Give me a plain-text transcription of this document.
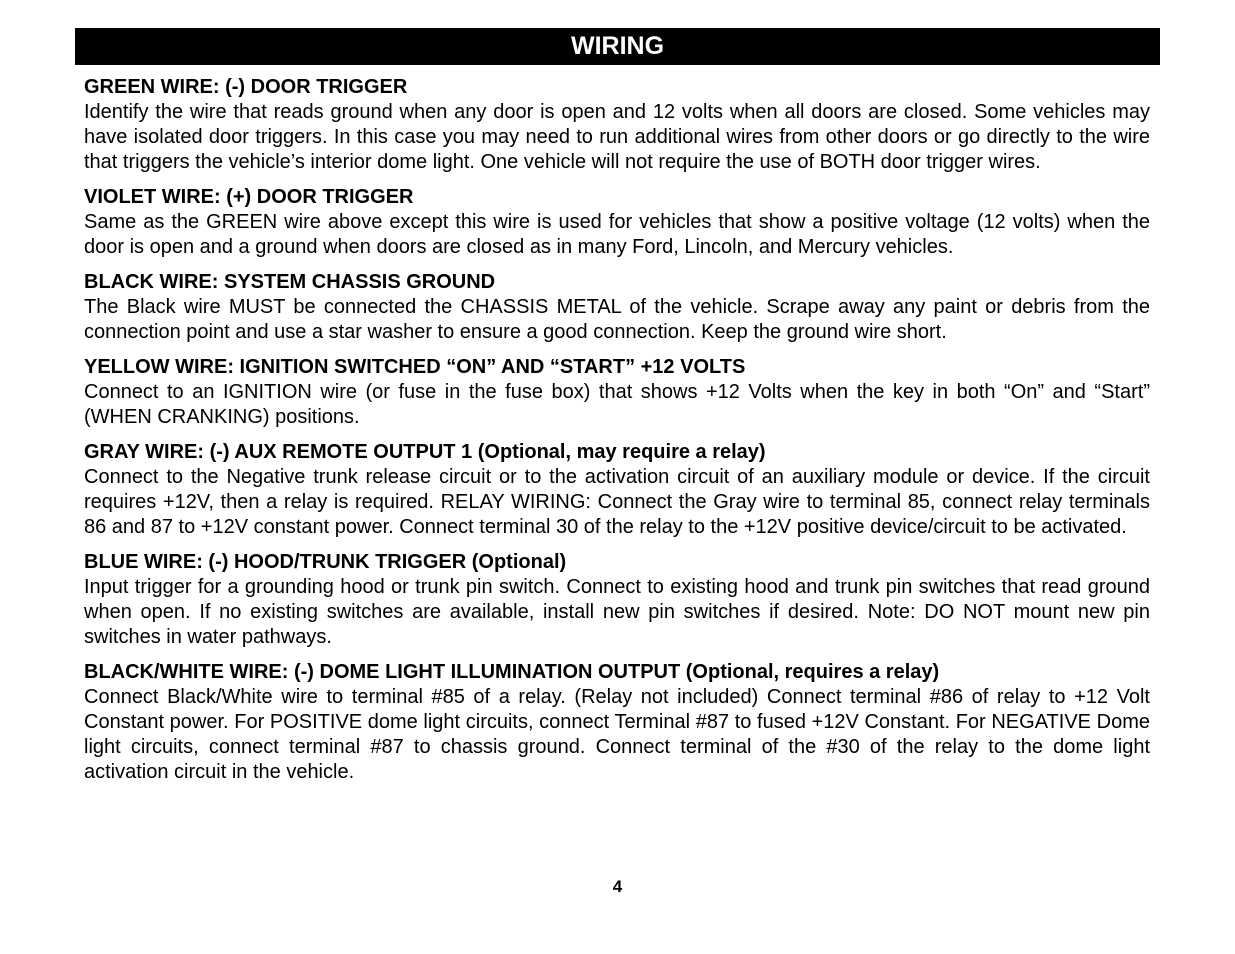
WIRING
GREEN WIRE: (-) DOOR TRIGGER
Identify the wire that reads ground when any door is open and 12 volts when all doors are closed. Some vehicles may have isolated door triggers. In this case you may need to run additional wires from other doors or go directly to the wire that triggers the vehicle’s interior dome light. One vehicle will not require the use of BOTH door trigger wires.
VIOLET WIRE: (+) DOOR TRIGGER
Same as the GREEN wire above except this wire is used for vehicles that show a positive voltage (12 volts) when the door is open and a ground when doors are closed as in many Ford, Lincoln, and Mercury vehicles.
BLACK WIRE: SYSTEM CHASSIS GROUND
The Black wire MUST be connected the CHASSIS METAL of the vehicle. Scrape away any paint or debris from the connection point and use a star washer to ensure a good connection. Keep the ground wire short.
YELLOW WIRE: IGNITION SWITCHED “ON” AND “START” +12 VOLTS
Connect to an IGNITION wire (or fuse in the fuse box) that shows +12 Volts when the key in both “On” and “Start” (WHEN CRANKING) positions.
GRAY WIRE: (-) AUX REMOTE OUTPUT 1 (Optional, may require a relay)
Connect to the Negative trunk release circuit or to the activation circuit of an auxiliary module or device. If the circuit requires +12V, then a relay is required. RELAY WIRING: Connect the Gray wire to terminal 85, connect relay terminals 86 and 87 to +12V constant power. Connect terminal 30 of the relay to the +12V positive device/circuit to be activated.
BLUE WIRE: (-) HOOD/TRUNK TRIGGER (Optional)
Input trigger for a grounding hood or trunk pin switch. Connect to existing hood and trunk pin switches that read ground when open. If no existing switches are available, install new pin switches if desired. Note: DO NOT mount new pin switches in water pathways.
BLACK/WHITE WIRE: (-) DOME LIGHT ILLUMINATION OUTPUT (Optional, requires a relay)
Connect Black/White wire to terminal #85 of a relay. (Relay not included) Connect terminal #86 of relay to +12 Volt Constant power. For POSITIVE dome light circuits, connect Terminal #87 to fused +12V Constant. For NEGATIVE Dome light circuits, connect terminal #87 to chassis ground. Connect terminal of the #30 of the relay to the dome light activation circuit in the vehicle.
4
